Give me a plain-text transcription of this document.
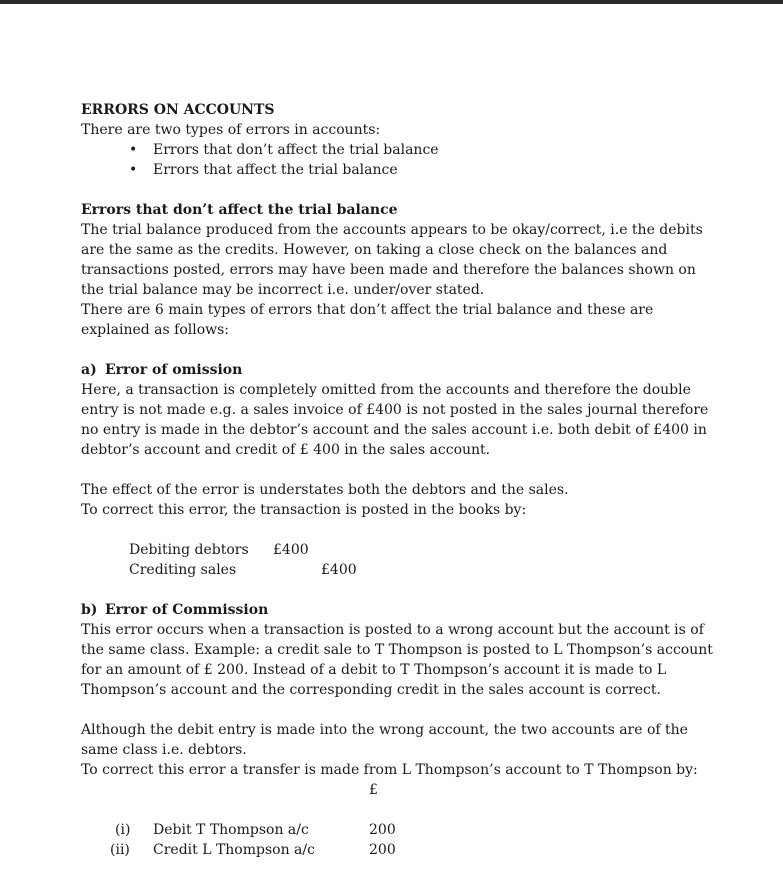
ERRORS ON ACCOUNTS
There are two types of errors in accounts:
• Errors that don’t affect the trial balance
• Errors that affect the trial balance
Errors that don’t affect the trial balance
The trial balance produced from the accounts appears to be okay/correct, i.e the debits
are the same as the credits. However, on taking a close check on the balances and
transactions posted, errors may have been made and therefore the balances shown on
the trial balance may be incorrect i.e. under/over stated.
There are 6 main types of errors that don’t affect the trial balance and these are
explained as follows:
a) Error of omission
Here, a transaction is completely omitted from the accounts and therefore the double
entry is not made e.g. a sales invoice of £400 is not posted in the sales journal therefore
no entry is made in the debtor’s account and the sales account i.e. both debit of £400 in
debtor’s account and credit of £ 400 in the sales account.
The effect of the error is understates both the debtors and the sales.
To correct this error, the transaction is posted in the books by:
Debiting debtors £400
Crediting sales	£400
b) Error of Commission
This error occurs when a transaction is posted to a wrong account but the account is of
the same class. Example: a credit sale to T Thompson is posted to L Thompson’s account
for an amount of £ 200. Instead of a debit to T Thompson’s account it is made to L
Thompson’s account and the corresponding credit in the sales account is correct.
Although the debit entry is made into the wrong account, the two accounts are of the
same class i.e. debtors.
To correct this error a transfer is made from L Thompson’s account to T Thompson by:
£
(i) Debit T Thompson a/c	200
(ii) Credit L Thompson a/c	200
